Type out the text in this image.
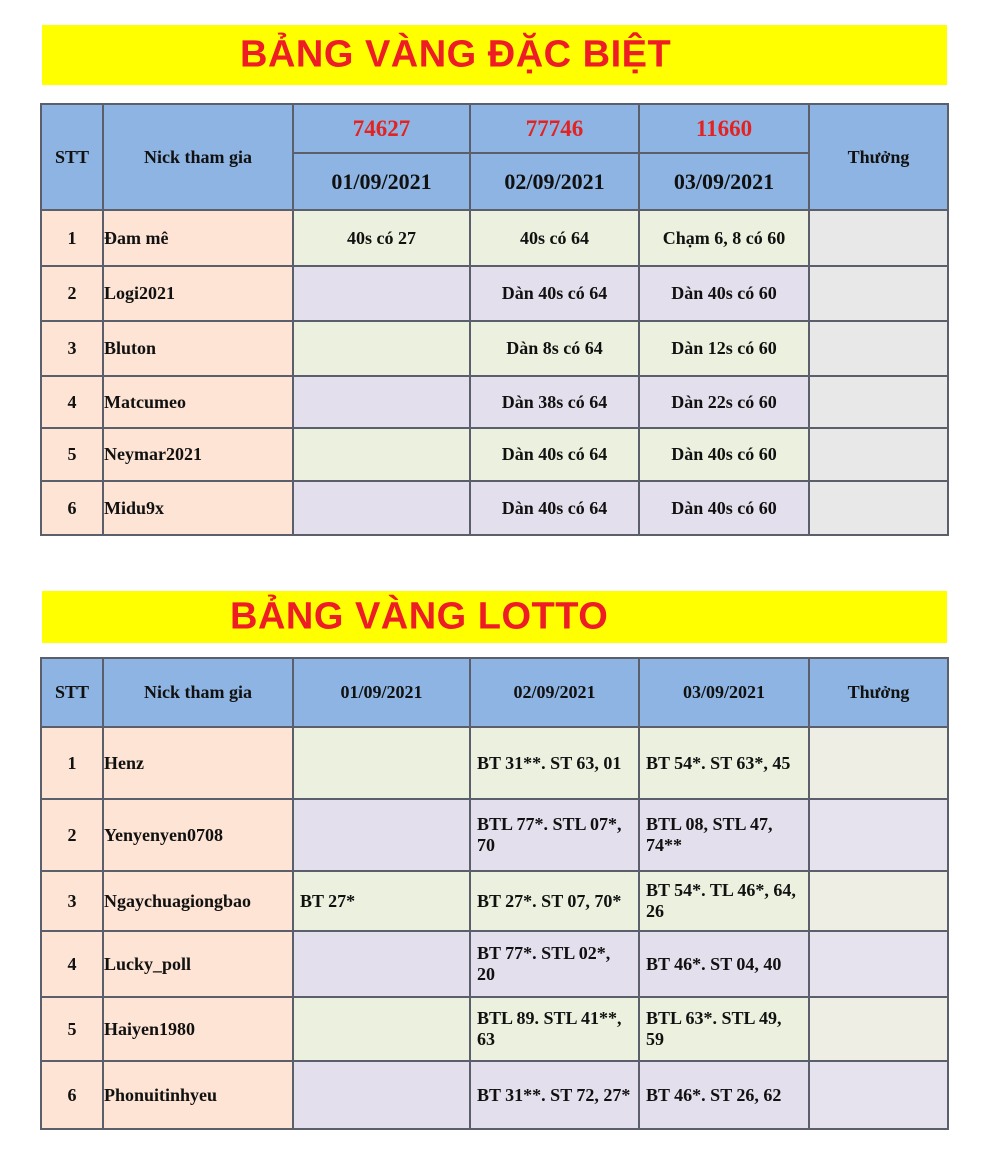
BẢNG VÀNG ĐẶC BIỆT
STT	Nick tham gia	74627	77746	11660	Thưởng
		01/09/2021	02/09/2021	03/09/2021	
1	Đam mê	40s có 27	40s có 64	Chạm 6, 8 có 60	
2	Logi2021		Dàn 40s có 64	Dàn 40s có 60	
3	Bluton		Dàn 8s có 64	Dàn 12s có 60	
4	Matcumeo		Dàn 38s có 64	Dàn 22s có 60	
5	Neymar2021		Dàn 40s có 64	Dàn 40s có 60	
6	Midu9x		Dàn 40s có 64	Dàn 40s có 60	
BẢNG VÀNG LOTTO
STT	Nick tham gia	01/09/2021	02/09/2021	03/09/2021	Thưởng
1	Henz		BT 31**. ST 63, 01	BT 54*. ST 63*, 45	
2	Yenyenyen0708		BTL 77*. STL 07*, 70	BTL 08, STL 47, 74**	
3	Ngaychuagiongbao	BT 27*	BT 27*. ST 07, 70*	BT 54*. TL 46*, 64, 26	
4	Lucky_poll		BT 77*. STL 02*, 20	BT 46*. ST 04, 40	
5	Haiyen1980		BTL 89. STL 41**, 63	BTL 63*. STL 49, 59	
6	Phonuitinhyeu		BT 31**. ST 72, 27*	BT 46*. ST 26, 62	
